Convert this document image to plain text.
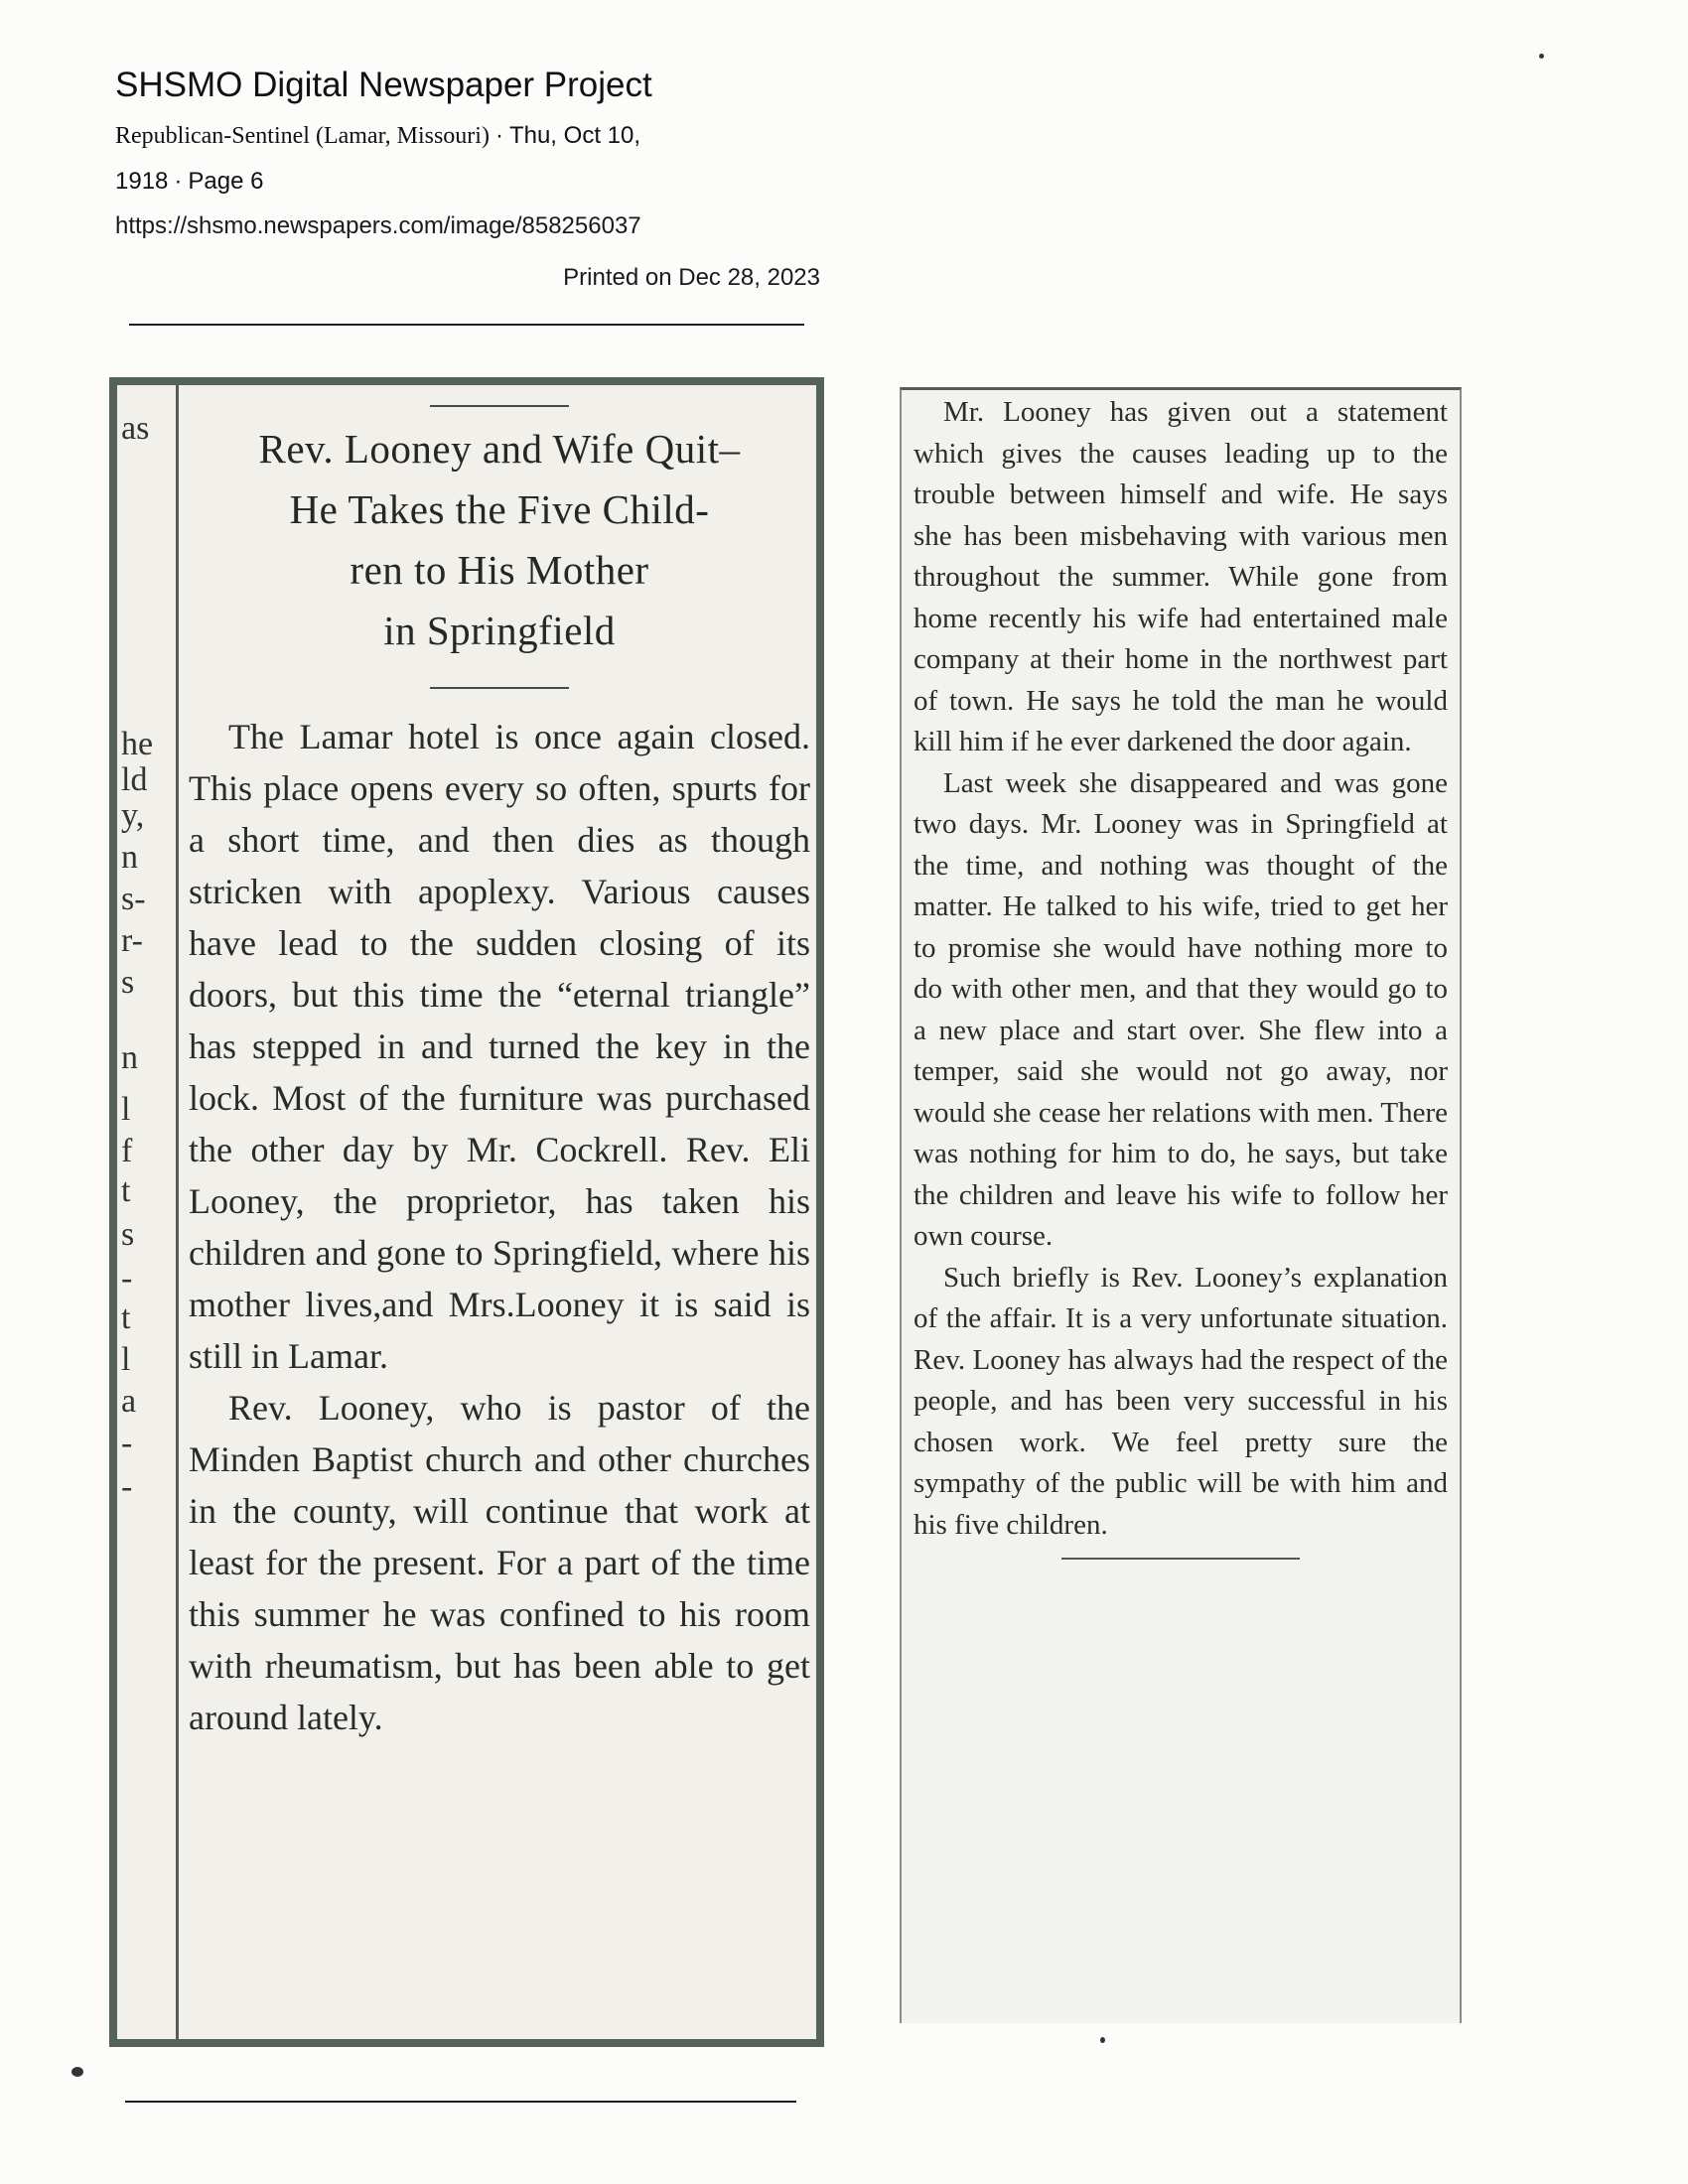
SHSMO Digital Newspaper Project
Republican-Sentinel (Lamar, Missouri) · Thu, Oct 10,
1918 · Page 6
https://shsmo.newspapers.com/image/858256037
Printed on Dec 28, 2023
as
he
ld
y,
n
s-
r-
s
n
l
f
t
s
-
t
l
a
-
-
Rev. Looney and Wife Quit–
He Takes the Five Child-
ren to His Mother
in Springfield

The Lamar hotel is once again closed. This place opens every so often, spurts for a short time, and then dies as though stricken with apoplexy. Various causes have lead to the sudden closing of its doors, but this time the “eternal triangle” has stepped in and turned the key in the lock. Most of the furniture was purchased the other day by Mr. Cockrell. Rev. Eli Looney, the proprietor, has taken his children and gone to Springfield, where his mother lives,and Mrs.Looney it is said is still in Lamar.

Rev. Looney, who is pastor of the Minden Baptist church and other churches in the county, will continue that work at least for the present. For a part of the time this summer he was confined to his room with rheumatism, but has been able to get around lately.

Mr. Looney has given out a statement which gives the causes leading up to the trouble between himself and wife. He says she has been misbehaving with various men throughout the summer. While gone from home recently his wife had entertained male company at their home in the northwest part of town. He says he told the man he would kill him if he ever darkened the door again.

Last week she disappeared and was gone two days. Mr. Looney was in Springfield at the time, and nothing was thought of the matter. He talked to his wife, tried to get her to promise she would have nothing more to do with other men, and that they would go to a new place and start over. She flew into a temper, said she would not go away, nor would she cease her relations with men. There was nothing for him to do, he says, but take the children and leave his wife to follow her own course.

Such briefly is Rev. Looney’s explanation of the affair. It is a very unfortunate situation. Rev. Looney has always had the respect of the people, and has been very successful in his chosen work. We feel pretty sure the sympathy of the public will be with him and his five children.
